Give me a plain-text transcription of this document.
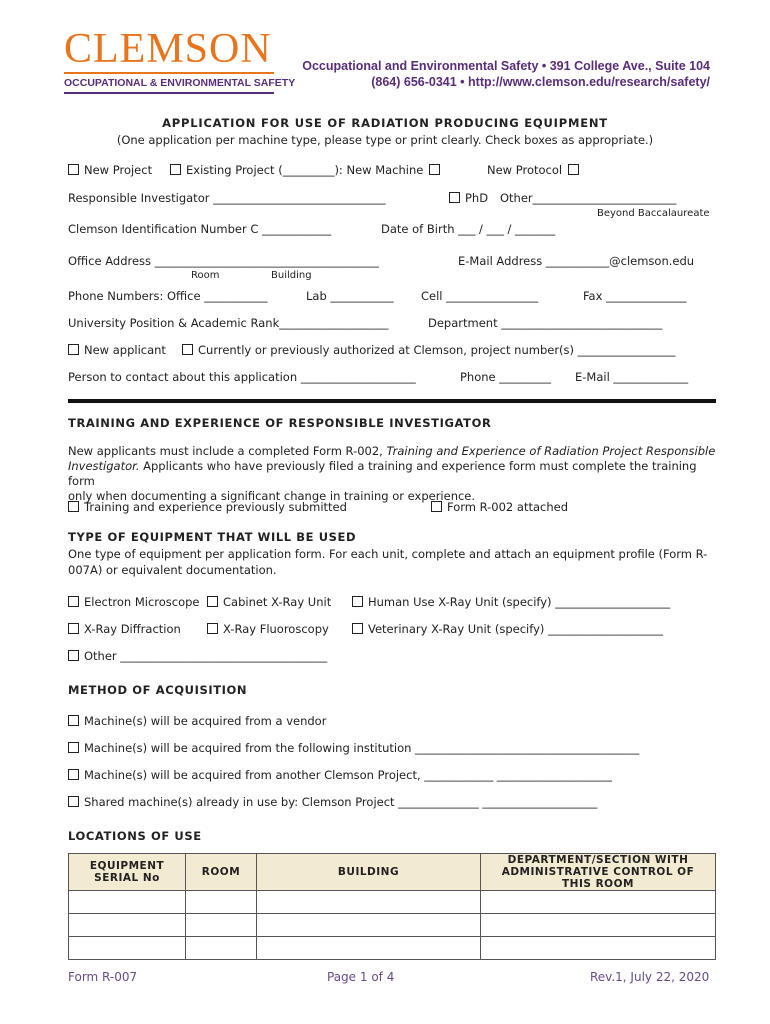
CLEMSON
OCCUPATIONAL & ENVIRONMENTAL SAFETY
Occupational and Environmental Safety • 391 College Ave., Suite 104
(864) 656-0341 • http://www.clemson.edu/research/safety/
APPLICATION FOR USE OF RADIATION PRODUCING EQUIPMENT
(One application per machine type, please type or print clearly. Check boxes as appropriate.)
New Project	Existing Project (_________): New Machine	New Protocol
Responsible Investigator ______________________________	PhD Other_________________________
Beyond Baccalaureate
Clemson Identification Number C ____________	Date of Birth ___ / ___ / _______
Office Address _______________________________________	E-Mail Address ___________@clemson.edu
Room	Building
Phone Numbers: Office ___________	Lab ___________ Cell ________________	Fax ______________
University Position & Academic Rank___________________	Department ____________________________
New applicant	Currently or previously authorized at Clemson, project number(s) _________________
Person to contact about this application ____________________	Phone _________ E-Mail _____________
TRAINING AND EXPERIENCE OF RESPONSIBLE INVESTIGATOR
New applicants must include a completed Form R-002, Training and Experience of Radiation Project Responsible
Investigator. Applicants who have previously filed a training and experience form must complete the training form
only when documenting a significant change in training or experience.
Training and experience previously submitted	Form R-002 attached
TYPE OF EQUIPMENT THAT WILL BE USED
One type of equipment per application form. For each unit, complete and attach an equipment profile (Form R-
007A) or equivalent documentation.
Electron Microscope	Cabinet X-Ray Unit	Human Use X-Ray Unit (specify) ____________________
X-Ray Diffraction	X-Ray Fluoroscopy	Veterinary X-Ray Unit (specify) ____________________
Other ____________________________________
METHOD OF ACQUISITION
Machine(s) will be acquired from a vendor
Machine(s) will be acquired from the following institution _______________________________________
Machine(s) will be acquired from another Clemson Project, ____________ ____________________
Shared machine(s) already in use by: Clemson Project ______________ ____________________
LOCATIONS OF USE
EQUIPMENT
SERIAL No	ROOM	BUILDING	DEPARTMENT/SECTION WITH
ADMINISTRATIVE CONTROL OF THIS ROOM

Form R-007	Page 1 of 4	Rev.1, July 22, 2020
